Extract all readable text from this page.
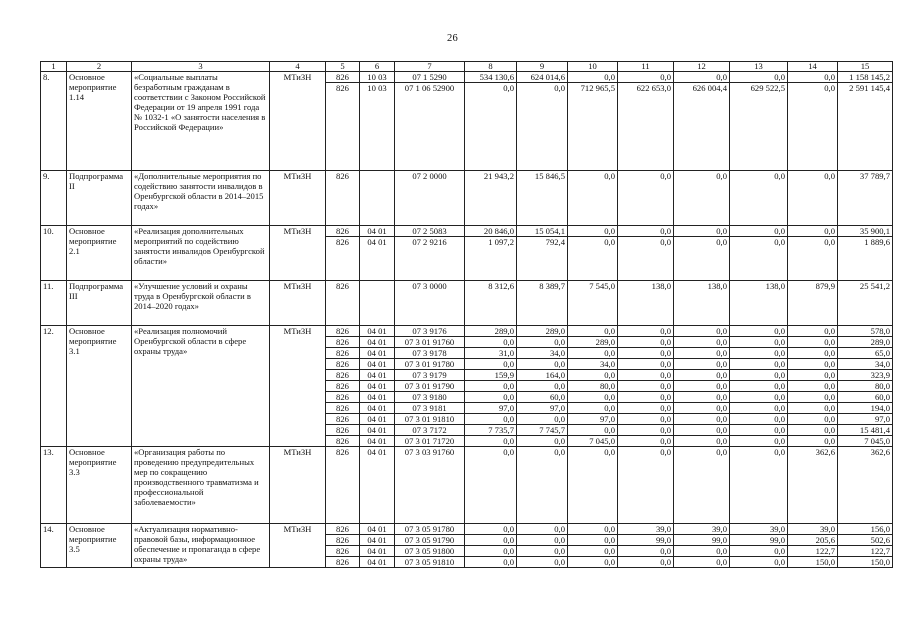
26
1	2	3	4	5	6	7	8	9	10	11	12	13	14	15
8.	Основное мероприятие 1.14	«Социальные выплаты безработным гражданам в соответствии с Законом Российской Федерации от 19 апреля 1991 года № 1032-1 «О занятости населения в Российской Федерации»	МТиЗН	826	10 03	07 1 5290	534 130,6	624 014,6	0,0	0,0	0,0	0,0	0,0	1 158 145,2
				826	10 03	07 1 06 52900	0,0	0,0	712 965,5	622 653,0	626 004,4	629 522,5	0,0	2 591 145,4
9.	Подпрограмма II	«Дополнительные мероприятия по содействию занятости инвалидов в Оренбургской области в 2014–2015 годах»	МТиЗН	826		07 2 0000	21 943,2	15 846,5	0,0	0,0	0,0	0,0	0,0	37 789,7
10.	Основное мероприятие 2.1	«Реализация дополнительных мероприятий по содействию занятости инвалидов Оренбургской области»	МТиЗН	826	04 01	07 2 5083	20 846,0	15 054,1	0,0	0,0	0,0	0,0	0,0	35 900,1
				826	04 01	07 2 9216	1 097,2	792,4	0,0	0,0	0,0	0,0	0,0	1 889,6
11.	Подпрограмма III	«Улучшение условий и охраны труда в Оренбургской области в 2014–2020 годах»	МТиЗН	826		07 3 0000	8 312,6	8 389,7	7 545,0	138,0	138,0	138,0	879,9	25 541,2
12.	Основное мероприятие 3.1	«Реализация полномочий Оренбургской области в сфере охраны труда»	МТиЗН	826	04 01	07 3 9176	289,0	289,0	0,0	0,0	0,0	0,0	0,0	578,0
				826	04 01	07 3 01 91760	0,0	0,0	289,0	0,0	0,0	0,0	0,0	289,0
				826	04 01	07 3 9178	31,0	34,0	0,0	0,0	0,0	0,0	0,0	65,0
				826	04 01	07 3 01 91780	0,0	0,0	34,0	0,0	0,0	0,0	0,0	34,0
				826	04 01	07 3 9179	159,9	164,0	0,0	0,0	0,0	0,0	0,0	323,9
				826	04 01	07 3 01 91790	0,0	0,0	80,0	0,0	0,0	0,0	0,0	80,0
				826	04 01	07 3 9180	0,0	60,0	0,0	0,0	0,0	0,0	0,0	60,0
				826	04 01	07 3 9181	97,0	97,0	0,0	0,0	0,0	0,0	0,0	194,0
				826	04 01	07 3 01 91810	0,0	0,0	97,0	0,0	0,0	0,0	0,0	97,0
				826	04 01	07 3 7172	7 735,7	7 745,7	0,0	0,0	0,0	0,0	0,0	15 481,4
				826	04 01	07 3 01 71720	0,0	0,0	7 045,0	0,0	0,0	0,0	0,0	7 045,0
13.	Основное мероприятие 3.3	«Организация работы по проведению предупредительных мер по сокращению производственного травматизма и профессиональной заболеваемости»	МТиЗН	826	04 01	07 3 03 91760	0,0	0,0	0,0	0,0	0,0	0,0	362,6	362,6
14.	Основное мероприятие 3.5	«Актуализация нормативно-правовой базы, информационное обеспечение и пропаганда в сфере охраны труда»	МТиЗН	826	04 01	07 3 05 91780	0,0	0,0	0,0	39,0	39,0	39,0	39,0	156,0
				826	04 01	07 3 05 91790	0,0	0,0	0,0	99,0	99,0	99,0	205,6	502,6
				826	04 01	07 3 05 91800	0,0	0,0	0,0	0,0	0,0	0,0	122,7	122,7
				826	04 01	07 3 05 91810	0,0	0,0	0,0	0,0	0,0	0,0	150,0	150,0
